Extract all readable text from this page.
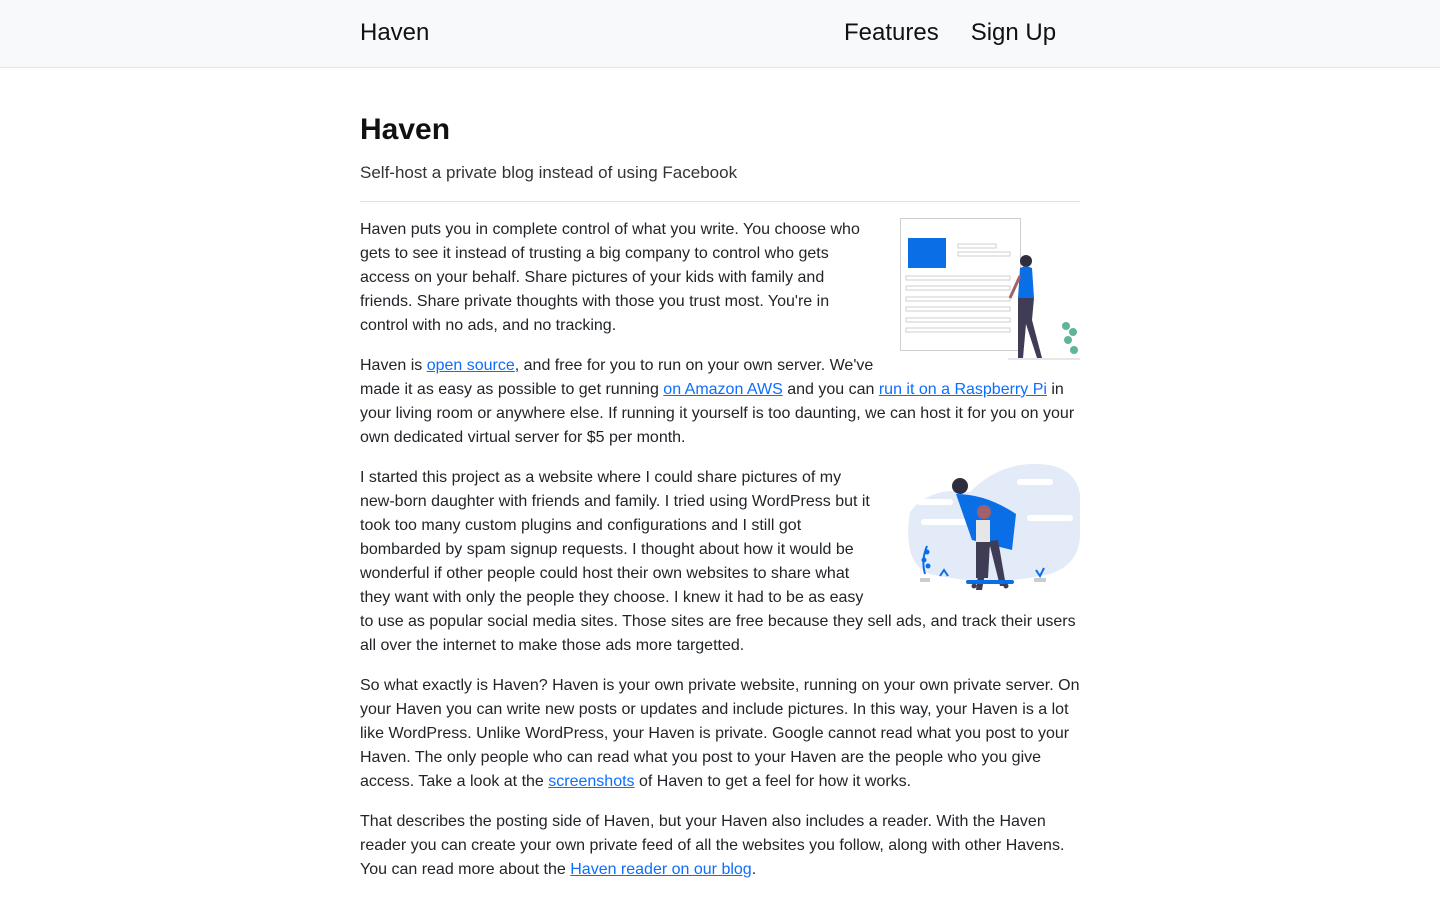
Haven	Features Sign Up
Haven

Self-host a private blog instead of using Facebook

Haven puts you in complete control of what you write. You choose who gets to see it instead of trusting a big company to control who gets access on your behalf. Share pictures of your kids with family and friends. Share private thoughts with those you trust most. You're in control with no ads, and no tracking.

Haven is open source, and free for you to run on your own server. We've made it as easy as possible to get running on Amazon AWS and you can run it on a Raspberry Pi in your living room or anywhere else. If running it yourself is too daunting, we can host it for you on your own dedicated virtual server for $5 per month.

I started this project as a website where I could share pictures of my new-born daughter with friends and family. I tried using WordPress but it took too many custom plugins and configurations and I still got bombarded by spam signup requests. I thought about how it would be wonderful if other people could host their own websites to share what they want with only the people they choose. I knew it had to be as easy to use as popular social media sites. Those sites are free because they sell ads, and track their users all over the internet to make those ads more targetted.

So what exactly is Haven? Haven is your own private website, running on your own private server. On your Haven you can write new posts or updates and include pictures. In this way, your Haven is a lot like WordPress. Unlike WordPress, your Haven is private. Google cannot read what you post to your Haven. The only people who can read what you post to your Haven are the people who you give access. Take a look at the screenshots of Haven to get a feel for how it works.

That describes the posting side of Haven, but your Haven also includes a reader. With the Haven reader you can create your own private feed of all the websites you follow, along with other Havens. You can read more about the Haven reader on our blog.
